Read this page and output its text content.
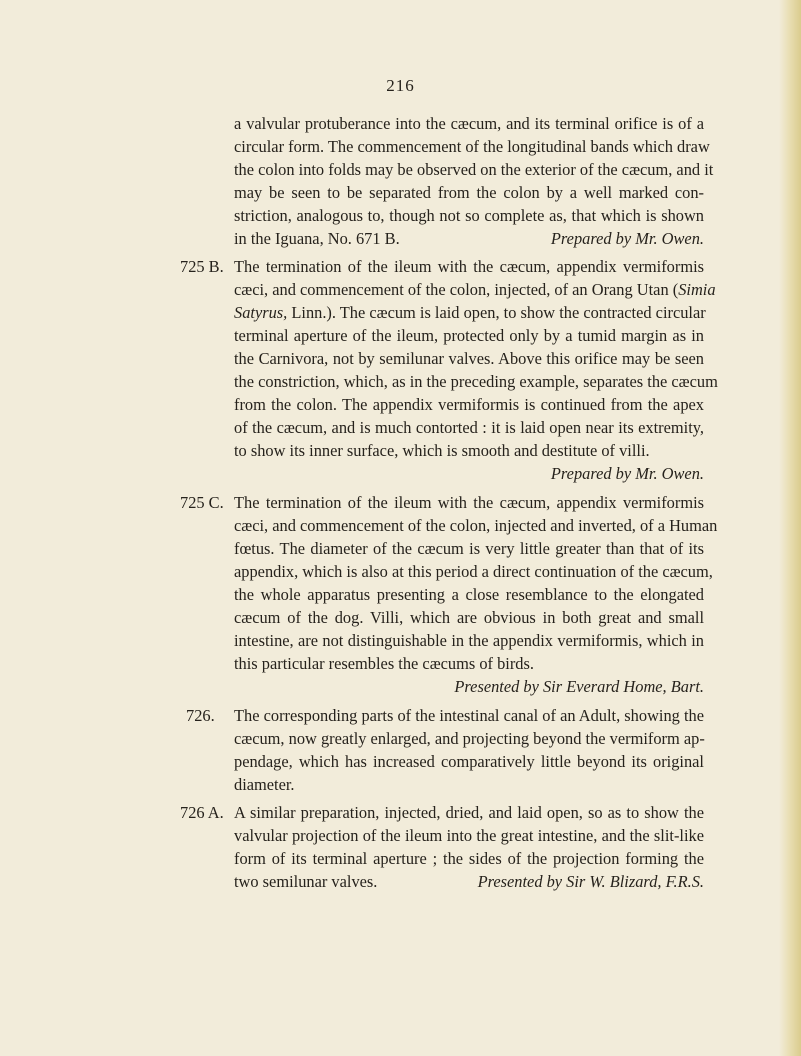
216
a valvular protuberance into the cæcum, and its terminal orifice is of a
circular form. The commencement of the longitudinal bands which draw
the colon into folds may be observed on the exterior of the cæcum, and it
may be seen to be separated from the colon by a well marked con-
striction, analogous to, though not so complete as, that which is shown
in the Iguana, No. 671 B.	Prepared by Mr. Owen.
725 B. The termination of the ileum with the cæcum, appendix vermiformis
cæci, and commencement of the colon, injected, of an Orang Utan (Simia
Satyrus, Linn.). The cæcum is laid open, to show the contracted circular
terminal aperture of the ileum, protected only by a tumid margin as in
the Carnivora, not by semilunar valves. Above this orifice may be seen
the constriction, which, as in the preceding example, separates the cæcum
from the colon. The appendix vermiformis is continued from the apex
of the cæcum, and is much contorted : it is laid open near its extremity,
to show its inner surface, which is smooth and destitute of villi.
Prepared by Mr. Owen.
725 C. The termination of the ileum with the cæcum, appendix vermiformis
cæci, and commencement of the colon, injected and inverted, of a Human
fœtus. The diameter of the cæcum is very little greater than that of its
appendix, which is also at this period a direct continuation of the cæcum,
the whole apparatus presenting a close resemblance to the elongated
cæcum of the dog. Villi, which are obvious in both great and small
intestine, are not distinguishable in the appendix vermiformis, which in
this particular resembles the cæcums of birds.
Presented by Sir Everard Home, Bart.
726. The corresponding parts of the intestinal canal of an Adult, showing the
cæcum, now greatly enlarged, and projecting beyond the vermiform ap-
pendage, which has increased comparatively little beyond its original
diameter.
726 A. A similar preparation, injected, dried, and laid open, so as to show the
valvular projection of the ileum into the great intestine, and the slit-like
form of its terminal aperture ; the sides of the projection forming the
two semilunar valves.	Presented by Sir W. Blizard, F.R.S.
